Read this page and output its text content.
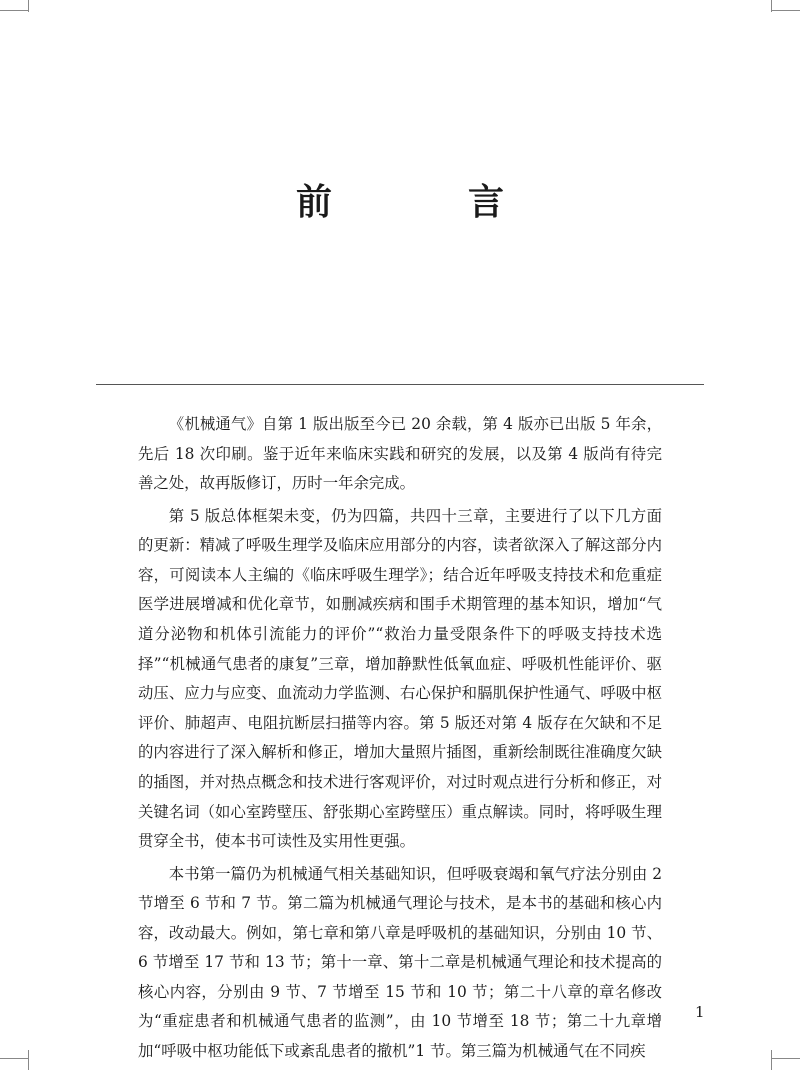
前　言

《机械通气》自第 1 版出版至今已 20 余载，第 4 版亦已出版 5 年余，先后 18 次印刷。鉴于近年来临床实践和研究的发展，以及第 4 版尚有待完善之处，故再版修订，历时一年余完成。

第 5 版总体框架未变，仍为四篇，共四十三章，主要进行了以下几方面的更新：精减了呼吸生理学及临床应用部分的内容，读者欲深入了解这部分内容，可阅读本人主编的《临床呼吸生理学》；结合近年呼吸支持技术和危重症医学进展增减和优化章节，如删减疾病和围手术期管理的基本知识，增加“气道分泌物和机体引流能力的评价”“救治力量受限条件下的呼吸支持技术选择”“机械通气患者的康复”三章，增加静默性低氧血症、呼吸机性能评价、驱动压、应力与应变、血流动力学监测、右心保护和膈肌保护性通气、呼吸中枢评价、肺超声、电阻抗断层扫描等内容。第 5 版还对第 4 版存在欠缺和不足的内容进行了深入解析和修正，增加大量照片插图，重新绘制既往准确度欠缺的插图，并对热点概念和技术进行客观评价，对过时观点进行分析和修正，对关键名词（如心室跨壁压、舒张期心室跨壁压）重点解读。同时，将呼吸生理贯穿全书，使本书可读性及实用性更强。

本书第一篇仍为机械通气相关基础知识，但呼吸衰竭和氧气疗法分别由 2 节增至 6 节和 7 节。第二篇为机械通气理论与技术，是本书的基础和核心内容，改动最大。例如，第七章和第八章是呼吸机的基础知识，分别由 10 节、6 节增至 17 节和 13 节；第十一章、第十二章是机械通气理论和技术提高的核心内容，分别由 9 节、7 节增至 15 节和 10 节；第二十八章的章名修改为“重症患者和机械通气患者的监测”，由 10 节增至 18 节；第二十九章增加“呼吸中枢功能低下或紊乱患者的撤机”1 节。第三篇为机械通气在不同疾

1
